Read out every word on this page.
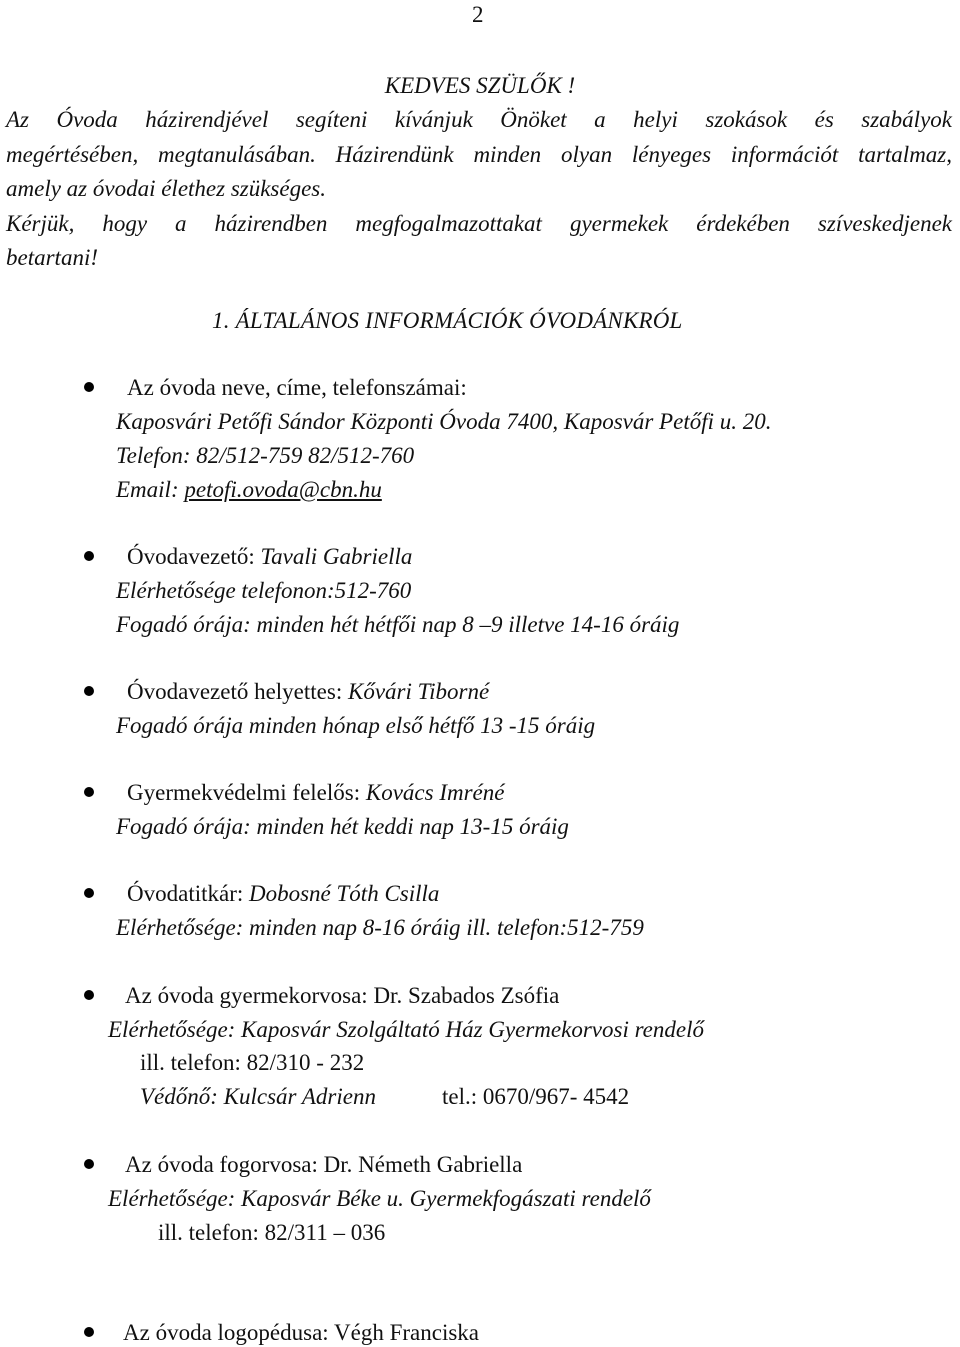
2
KEDVES SZÜLŐK !
Az Óvoda házirendjével segíteni kívánjuk Önöket a helyi szokások és szabályok
megértésében, megtanulásában. Házirendünk minden olyan lényeges információt tartalmaz,
amely az óvodai élethez szükséges.
Kérjük, hogy a házirendben megfogalmazottakat gyermekek érdekében szíveskedjenek
betartani!
1. ÁLTALÁNOS INFORMÁCIÓK ÓVODÁNKRÓL
Az óvoda neve, címe, telefonszámai:
Kaposvári Petőfi Sándor Központi Óvoda 7400, Kaposvár Petőfi u. 20.
Telefon: 82/512-759 82/512-760
Email: petofi.ovoda@cbn.hu
Óvodavezető: Tavali Gabriella
Elérhetősége telefonon:512-760
Fogadó órája: minden hét hétfői nap 8 –9 illetve 14-16 óráig
Óvodavezető helyettes: Kővári Tiborné
Fogadó órája minden hónap első hétfő 13 -15 óráig
Gyermekvédelmi felelős: Kovács Imréné
Fogadó órája: minden hét keddi nap 13-15 óráig
Óvodatitkár: Dobosné Tóth Csilla
Elérhetősége: minden nap 8-16 óráig ill. telefon:512-759
Az óvoda gyermekorvosa: Dr. Szabados Zsófia
Elérhetősége: Kaposvár Szolgáltató Ház Gyermekorvosi rendelő
ill. telefon: 82/310 - 232
Védőnő: Kulcsár Adrienn	tel.: 0670/967- 4542
Az óvoda fogorvosa: Dr. Németh Gabriella
Elérhetősége: Kaposvár Béke u. Gyermekfogászati rendelő
ill. telefon: 82/311 – 036
Az óvoda logopédusa: Végh Franciska
